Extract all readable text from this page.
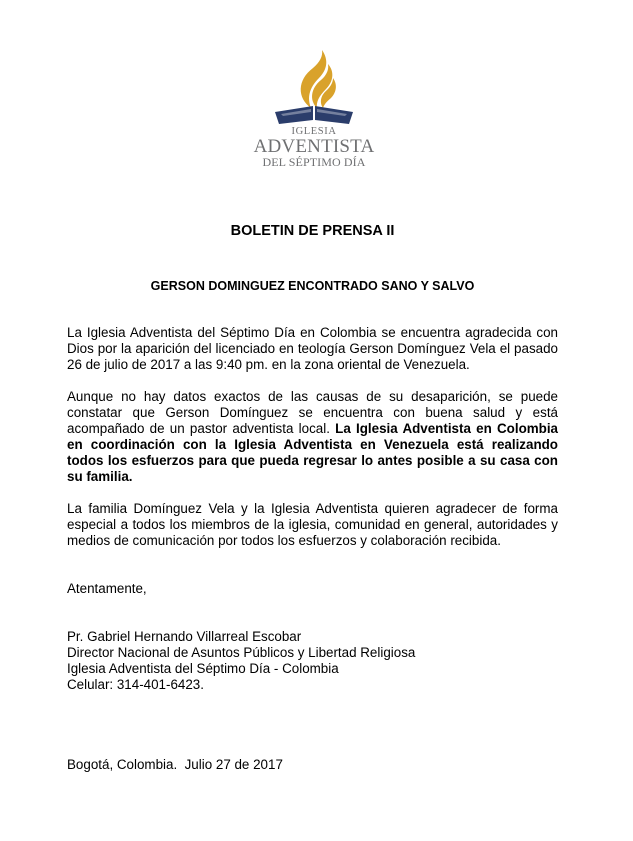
IGLESIA
ADVENTISTA
DEL SÉPTIMO DÍA
BOLETIN DE PRENSA II
GERSON DOMINGUEZ ENCONTRADO SANO Y SALVO
La Iglesia Adventista del Séptimo Día en Colombia se encuentra agradecida con Dios por la aparición del licenciado en teología Gerson Domínguez Vela el pasado 26 de julio de 2017 a las 9:40 pm. en la zona oriental de Venezuela.
Aunque no hay datos exactos de las causas de su desaparición, se puede constatar que Gerson Domínguez se encuentra con buena salud y está acompañado de un pastor adventista local. La Iglesia Adventista en Colombia en coordinación con la Iglesia Adventista en Venezuela está realizando todos los esfuerzos para que pueda regresar lo antes posible a su casa con su familia.
La familia Domínguez Vela y la Iglesia Adventista quieren agradecer de forma especial a todos los miembros de la iglesia, comunidad en general, autoridades y medios de comunicación por todos los esfuerzos y colaboración recibida.
Atentamente,
Pr. Gabriel Hernando Villarreal Escobar
Director Nacional de Asuntos Públicos y Libertad Religiosa
Iglesia Adventista del Séptimo Día - Colombia
Celular: 314-401-6423.
Bogotá, Colombia.  Julio 27 de 2017
